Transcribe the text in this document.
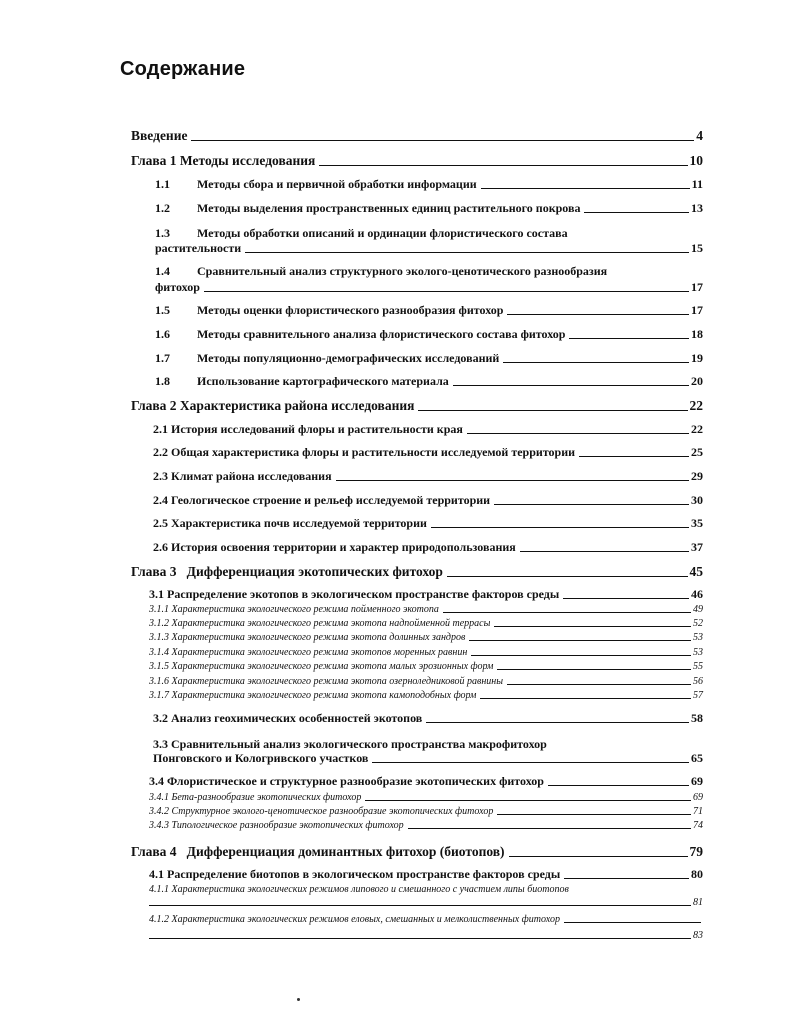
Содержание
Введение	4
Глава 1 Методы исследования	10
1.1 Методы сбора и первичной обработки информации	11
1.2 Методы выделения пространственных единиц растительного покрова	13
1.3 Методы обработки описаний и ординации флористического состава
растительности	15
1.4 Сравнительный анализ структурного эколого-ценотического разнообразия
фитохор	17
1.5 Методы оценки флористического разнообразия фитохор	17
1.6 Методы сравнительного анализа флористического состава фитохор	18
1.7 Методы популяционно-демографических исследований	19
1.8 Использование картографического материала	20
Глава 2 Характеристика района исследования	22
2.1 История исследований флоры и растительности края	22
2.2 Общая характеристика флоры и растительности исследуемой территории	25
2.3 Климат района исследования	29
2.4 Геологическое строение и рельеф исследуемой территории	30
2.5 Характеристика почв исследуемой территории	35
2.6 История освоения территории и характер природопользования	37
Глава 3   Дифференциация экотопических фитохор	45
3.1 Распределение экотопов в экологическом пространстве факторов среды	46
3.1.1 Характеристика экологического режима пойменного экотопа	49
3.1.2 Характеристика экологического режима экотопа надпойменной террасы	52
3.1.3 Характеристика экологического режима экотопа долинных зандров	53
3.1.4 Характеристика экологического режима экотопов моренных равнин	53
3.1.5 Характеристика экологического режима экотопа малых эрозионных форм	55
3.1.6 Характеристика экологического режима экотопа озерноледниковой равнины	56
3.1.7 Характеристика экологического режима экотопа камоподобных форм	57
3.2 Анализ геохимических особенностей экотопов	58
3.3 Сравнительный анализ экологического пространства макрофитохор
Понговского и Кологривского участков	65
3.4 Флористическое и структурное разнообразие экотопических фитохор	69
3.4.1 Бета-разнообразие экотопических фитохор	69
3.4.2 Структурное эколого-ценотическое разнообразие экотопических фитохор	71
3.4.3 Типологическое разнообразие экотопических фитохор	74
Глава 4   Дифференциация доминантных фитохор (биотопов)	79
4.1 Распределение биотопов в экологическом пространстве факторов среды	80
4.1.1 Характеристика экологических режимов липового и смешанного с участием липы биотопов
81
4.1.2 Характеристика экологических режимов еловых, смешанных и мелколиственных фитохор
83
